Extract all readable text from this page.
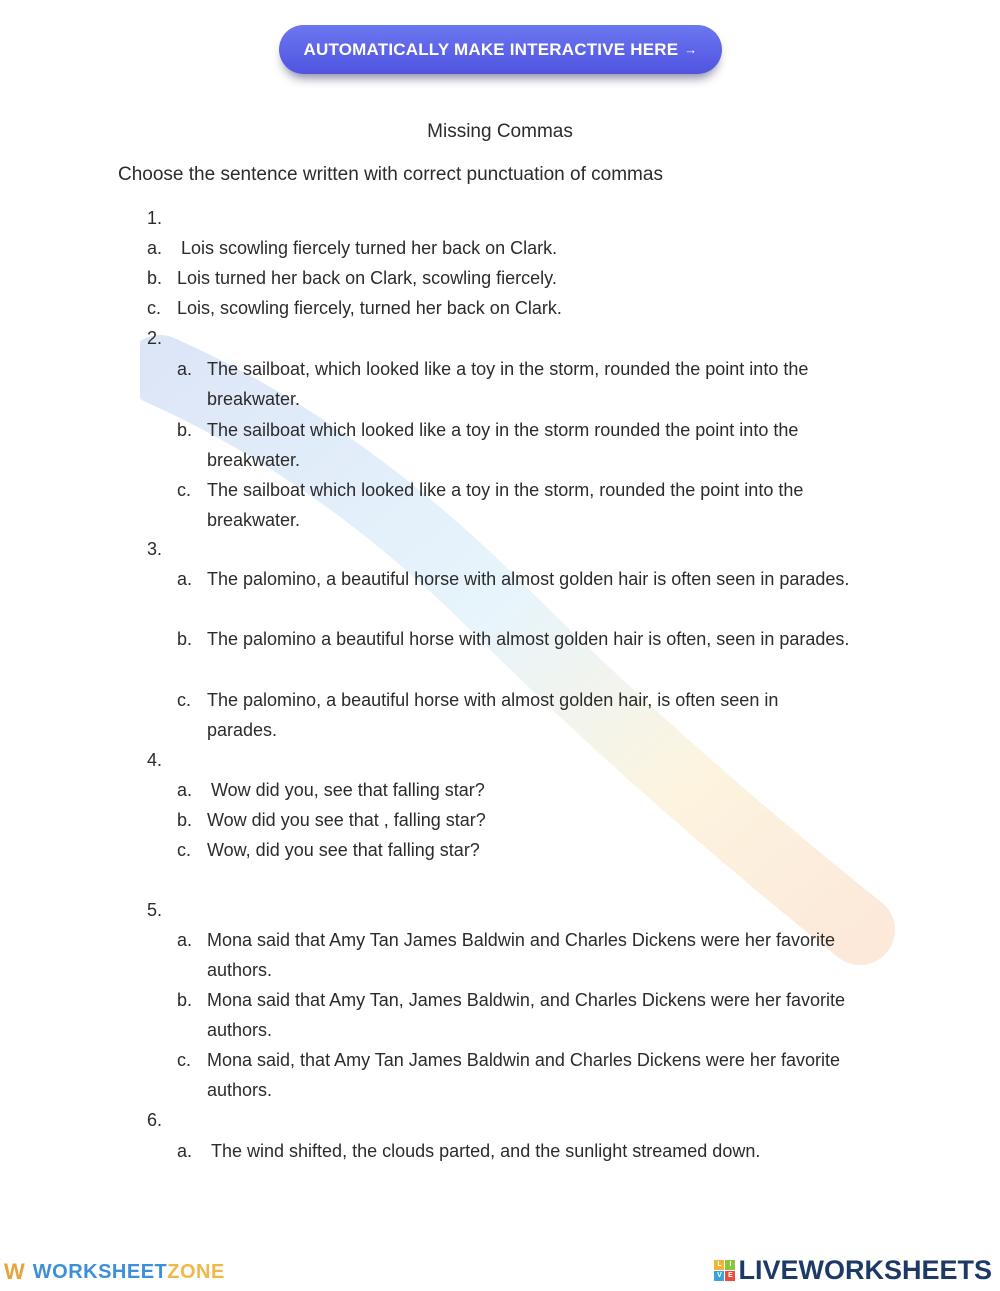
AUTOMATICALLY MAKE INTERACTIVE HERE →
Missing Commas
Choose the sentence written with correct punctuation of commas
1.
a.	Lois scowling fiercely turned her back on Clark.
b. Lois turned her back on Clark, scowling fiercely.
c. Lois, scowling fiercely, turned her back on Clark.
2.
a. The sailboat, which looked like a toy in the storm, rounded the point into the breakwater.
b. The sailboat which looked like a toy in the storm rounded the point into the breakwater.
c. The sailboat which looked like a toy in the storm, rounded the point into the breakwater.
3.
a. The palomino, a beautiful horse with almost golden hair is often seen in parades.
b. The palomino a beautiful horse with almost golden hair is often, seen in parades.
c. The palomino, a beautiful horse with almost golden hair, is often seen in parades.
4.
a.	Wow did you, see that falling star?
b. Wow did you see that , falling star?
c. Wow, did you see that falling star?
5.
a. Mona said that Amy Tan James Baldwin and Charles Dickens were her favorite authors.
b. Mona said that Amy Tan, James Baldwin, and Charles Dickens were her favorite authors.
c. Mona said, that Amy Tan James Baldwin and Charles Dickens were her favorite authors.
6.
a.	The wind shifted, the clouds parted, and the sunlight streamed down.
W WORKSHEETZONE	L	I
V E LIVEWORKSHEETS
